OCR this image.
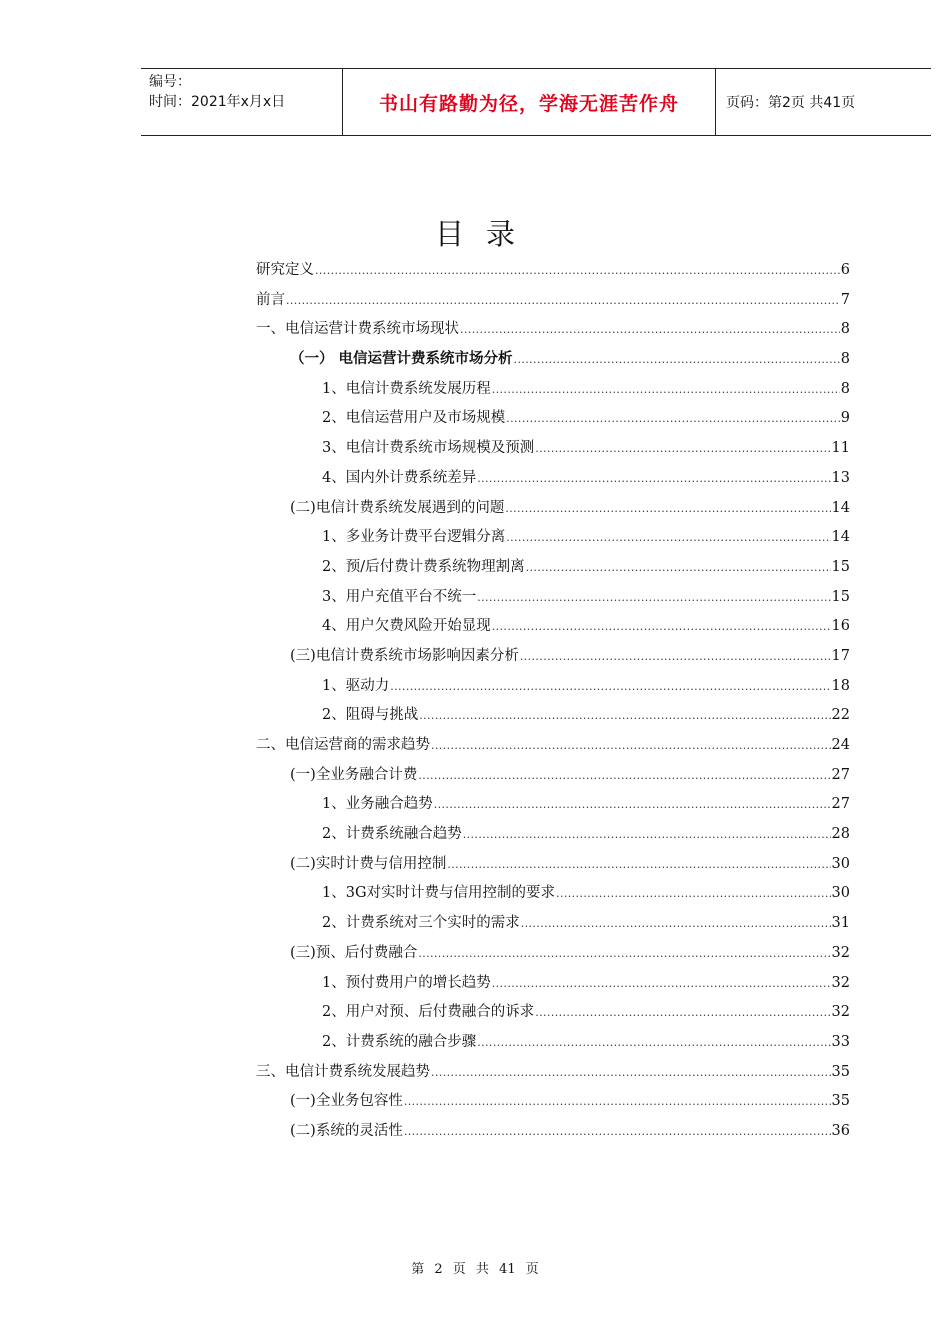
编号：
时间：2021年x月x日	书山有路勤为径，学海无涯苦作舟	页码：第2页 共41页
目录
研究定义 .....	6
前言 .....	7
一、电信运营计费系统市场现状 .....	8
（一） 电信运营计费系统市场分析 .....	8
1、电信计费系统发展历程 .....	8
2、电信运营用户及市场规模 .....	9
3、电信计费系统市场规模及预测 .....	11
4、国内外计费系统差异 .....	13
(二)电信计费系统发展遇到的问题 .....	14
1、多业务计费平台逻辑分离 .....	14
2、预/后付费计费系统物理割离 .....	15
3、用户充值平台不统一 .....	15
4、用户欠费风险开始显现 .....	16
(三)电信计费系统市场影响因素分析 .....	17
1、驱动力 .....	18
2、阻碍与挑战 .....	22
二、电信运营商的需求趋势 .....	24
(一)全业务融合计费 .....	27
1、业务融合趋势 .....	27
2、计费系统融合趋势 .....	28
(二)实时计费与信用控制 .....	30
1、3G对实时计费与信用控制的要求 .....	30
2、计费系统对三个实时的需求 .....	31
(三)预、后付费融合 .....	32
1、预付费用户的增长趋势 .....	32
2、用户对预、后付费融合的诉求 .....	32
2、计费系统的融合步骤 .....	33
三、电信计费系统发展趋势 .....	35
(一)全业务包容性 .....	35
(二)系统的灵活性 .....	36
第 2 页 共 41 页
